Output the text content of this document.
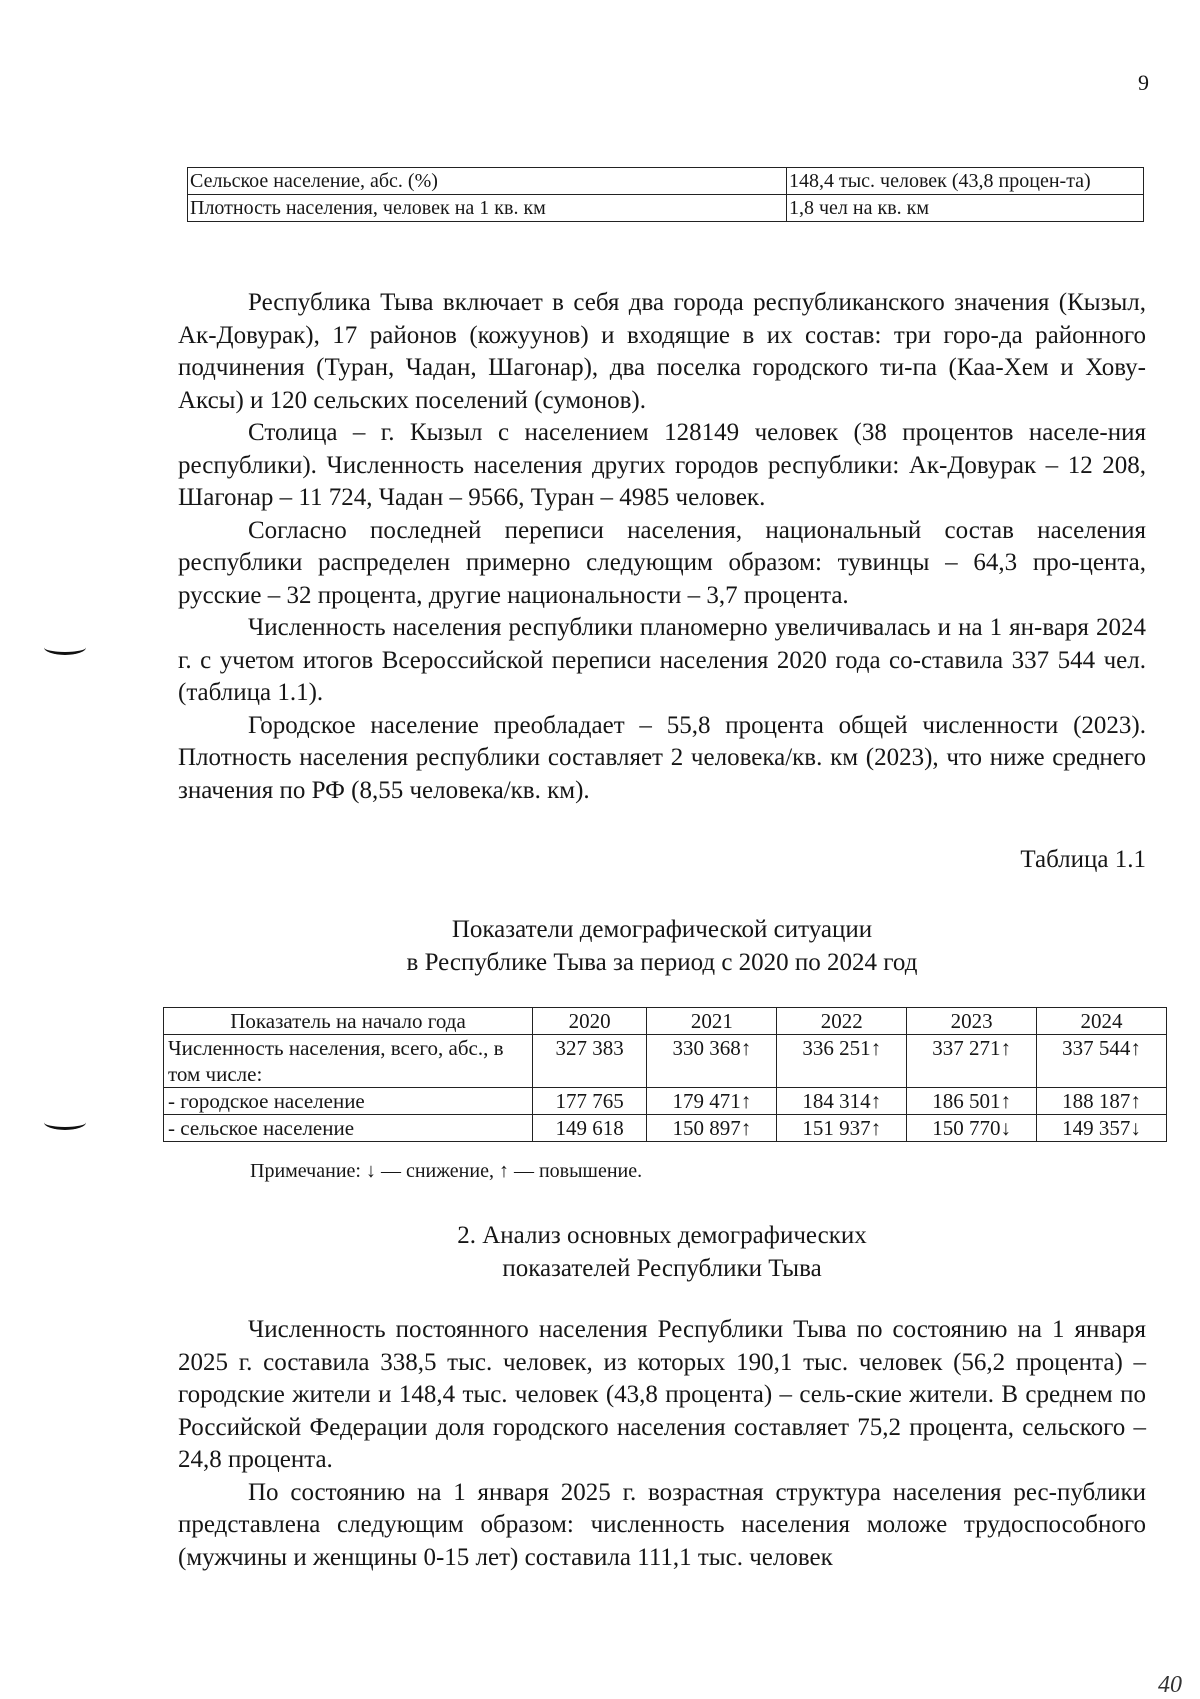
9
Сельское население, абс. (%)	148,4 тыс. человек (43,8 процен-та)
Плотность населения, человек на 1 кв. км	1,8 чел на кв. км

Республика Тыва включает в себя два города республиканского значения (Кызыл, Ак-Довурак), 17 районов (кожуунов) и входящие в их состав: три горо-да районного подчинения (Туран, Чадан, Шагонар), два поселка городского ти-па (Каа-Хем и Хову-Аксы) и 120 сельских поселений (сумонов).

Столица – г. Кызыл с населением 128149 человек (38 процентов населе-ния республики). Численность населения других городов республики: Ак-Довурак – 12 208, Шагонар – 11 724, Чадан – 9566, Туран – 4985 человек.

Согласно последней переписи населения, национальный состав населения республики распределен примерно следующим образом: тувинцы – 64,3 про-цента, русские – 32 процента, другие национальности – 3,7 процента.

Численность населения республики планомерно увеличивалась и на 1 ян-варя 2024 г. с учетом итогов Всероссийской переписи населения 2020 года со-ставила 337 544 чел. (таблица 1.1).

Городское население преобладает – 55,8 процента общей численности (2023). Плотность населения республики составляет 2 человека/кв. км (2023), что ниже среднего значения по РФ (8,55 человека/кв. км).

Таблица 1.1
Показатели демографической ситуации
в Республике Тыва за период с 2020 по 2024 год
Показатель на начало года	2020	2021	2022	2023	2024
Численность населения, всего, абс., в том числе:	327 383	330 368↑	336 251↑	337 271↑	337 544↑
- городское население	177 765	179 471↑	184 314↑	186 501↑	188 187↑
- сельское население	149 618	150 897↑	151 937↑	150 770↓	149 357↓
Примечание: ↓ — снижение, ↑ — повышение.
2. Анализ основных демографических
показателей Республики Тыва

Численность постоянного населения Республики Тыва по состоянию на 1 января 2025 г. составила 338,5 тыс. человек, из которых 190,1 тыс. человек (56,2 процента) – городские жители и 148,4 тыс. человек (43,8 процента) – сель-ские жители. В среднем по Российской Федерации доля городского населения составляет 75,2 процента, сельского – 24,8 процента.

По состоянию на 1 января 2025 г. возрастная структура населения рес-публики представлена следующим образом: численность населения моложе трудоспособного (мужчины и женщины 0-15 лет) составила 111,1 тыс. человек

40
